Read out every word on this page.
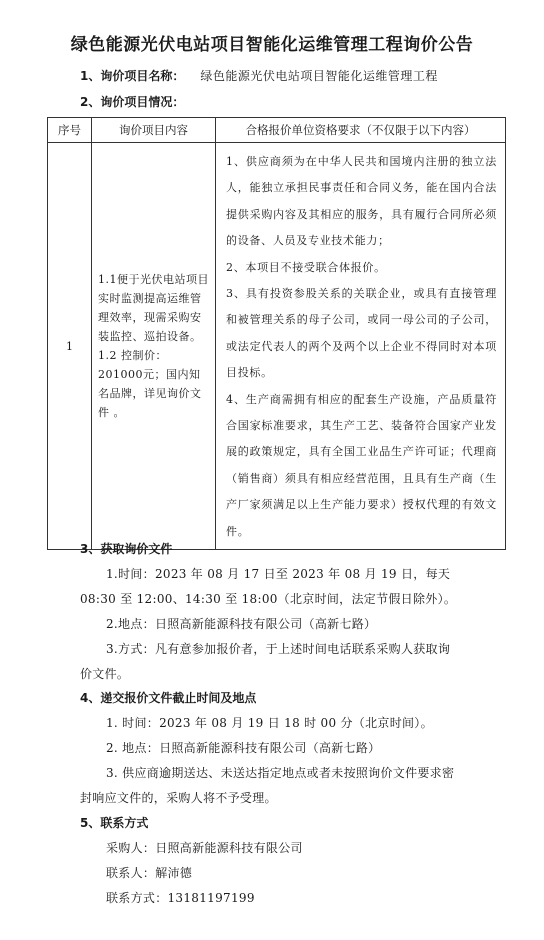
绿色能源光伏电站项目智能化运维管理工程询价公告
1、询价项目名称： 绿色能源光伏电站项目智能化运维管理工程
2、询价项目情况：
序号	询价项目内容	合格报价单位资格要求（不仅限于以下内容）
1	1.1便于光伏电站项目实时监测提高运维管理效率，现需采购安装监控、巡拍设备。1.2 控制价：201000元；国内知名品牌，详见询价文件 。	1、供应商须为在中华人民共和国境内注册的独立法人，能独立承担民事责任和合同义务，能在国内合法提供采购内容及其相应的服务，具有履行合同所必须的设备、人员及专业技术能力；
2、本项目不接受联合体报价。
3、具有投资参股关系的关联企业，或具有直接管理和被管理关系的母子公司，或同一母公司的子公司，或法定代表人的两个及两个以上企业不得同时对本项目投标。
4、生产商需拥有相应的配套生产设施，产品质量符合国家标准要求，其生产工艺、装备符合国家产业发展的政策规定，具有全国工业品生产许可证；代理商（销售商）须具有相应经营范围，且具有生产商（生产厂家须满足以上生产能力要求）授权代理的有效文件。
3、获取询价文件
1.时间：2023 年 08 月 17 日至 2023 年 08 月 19 日，每天 08:30 至 12:00、14:30 至 18:00（北京时间，法定节假日除外）。
2.地点：日照高新能源科技有限公司（高新七路）
3.方式：凡有意参加报价者，于上述时间电话联系采购人获取询价文件。
4、递交报价文件截止时间及地点
1. 时间：2023 年 08 月 19 日 18 时 00 分（北京时间）。
2. 地点：日照高新能源科技有限公司（高新七路）
3. 供应商逾期送达、未送达指定地点或者未按照询价文件要求密封响应文件的，采购人将不予受理。
5、联系方式
采购人：日照高新能源科技有限公司
联系人：解沛德
联系方式：13181197199
